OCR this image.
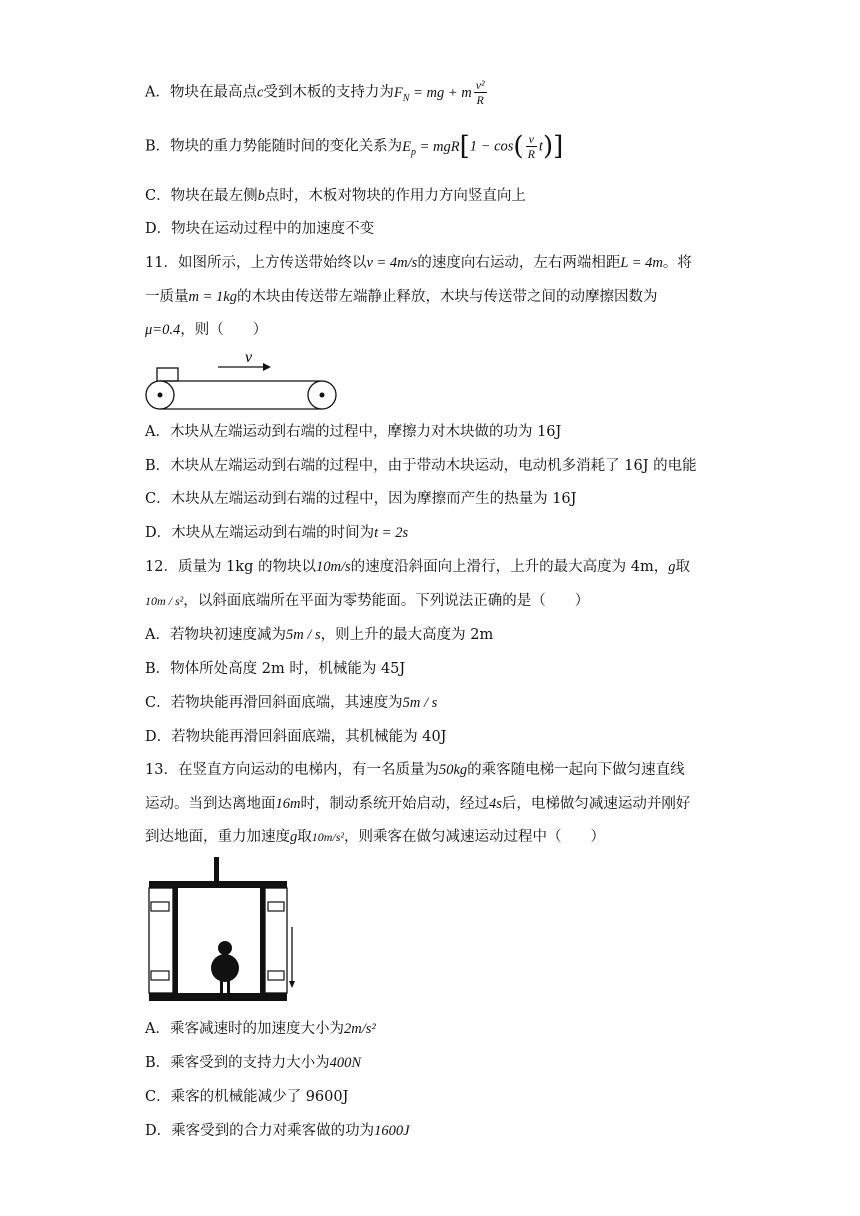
A．物块在最高点c受到木板的支持力为$F_N$ = mg + m $\frac{\text{v²}}{R}$
B．物块的重力势能随时间的变化关系为$E_p = mgR[1 - \cos( \frac{v}{R} t)]$
C．物块在最左侧b点时，木板对物块的作用力方向竖直向上
D．物块在运动过程中的加速度不变
11．如图所示，上方传送带始终以v = 4m/s的速度向右运动，左右两端相距L = 4m。将
一质量m = 1kg的木块由传送带左端静止释放，木块与传送带之间的动摩擦因数为
μ=0.4，则（　　）
v
A．木块从左端运动到右端的过程中，摩擦力对木块做的功为 16J
B．木块从左端运动到右端的过程中，由于带动木块运动，电动机多消耗了 16J 的电能
C．木块从左端运动到右端的过程中，因为摩擦而产生的热量为 16J
D．木块从左端运动到右端的时间为t = 2s
12．质量为 1kg 的物块以10m/s的速度沿斜面向上滑行，上升的最大高度为 4m，g取
10m / s²，以斜面底端所在平面为零势能面。下列说法正确的是（　　）
A．若物块初速度减为5m / s，则上升的最大高度为 2m
B．物体所处高度 2m 时，机械能为 45J
C．若物块能再滑回斜面底端，其速度为5m / s
D．若物块能再滑回斜面底端，其机械能为 40J
13．在竖直方向运动的电梯内，有一名质量为50kg的乘客随电梯一起向下做匀速直线
运动。当到达离地面16m时，制动系统开始启动，经过4s后，电梯做匀减速运动并刚好
到达地面，重力加速度g取10m/s²，则乘客在做匀减速运动过程中（　　）
A．乘客减速时的加速度大小为2m/s²
B．乘客受到的支持力大小为400N
C．乘客的机械能减少了 9600J
D．乘客受到的合力对乘客做的功为1600J
